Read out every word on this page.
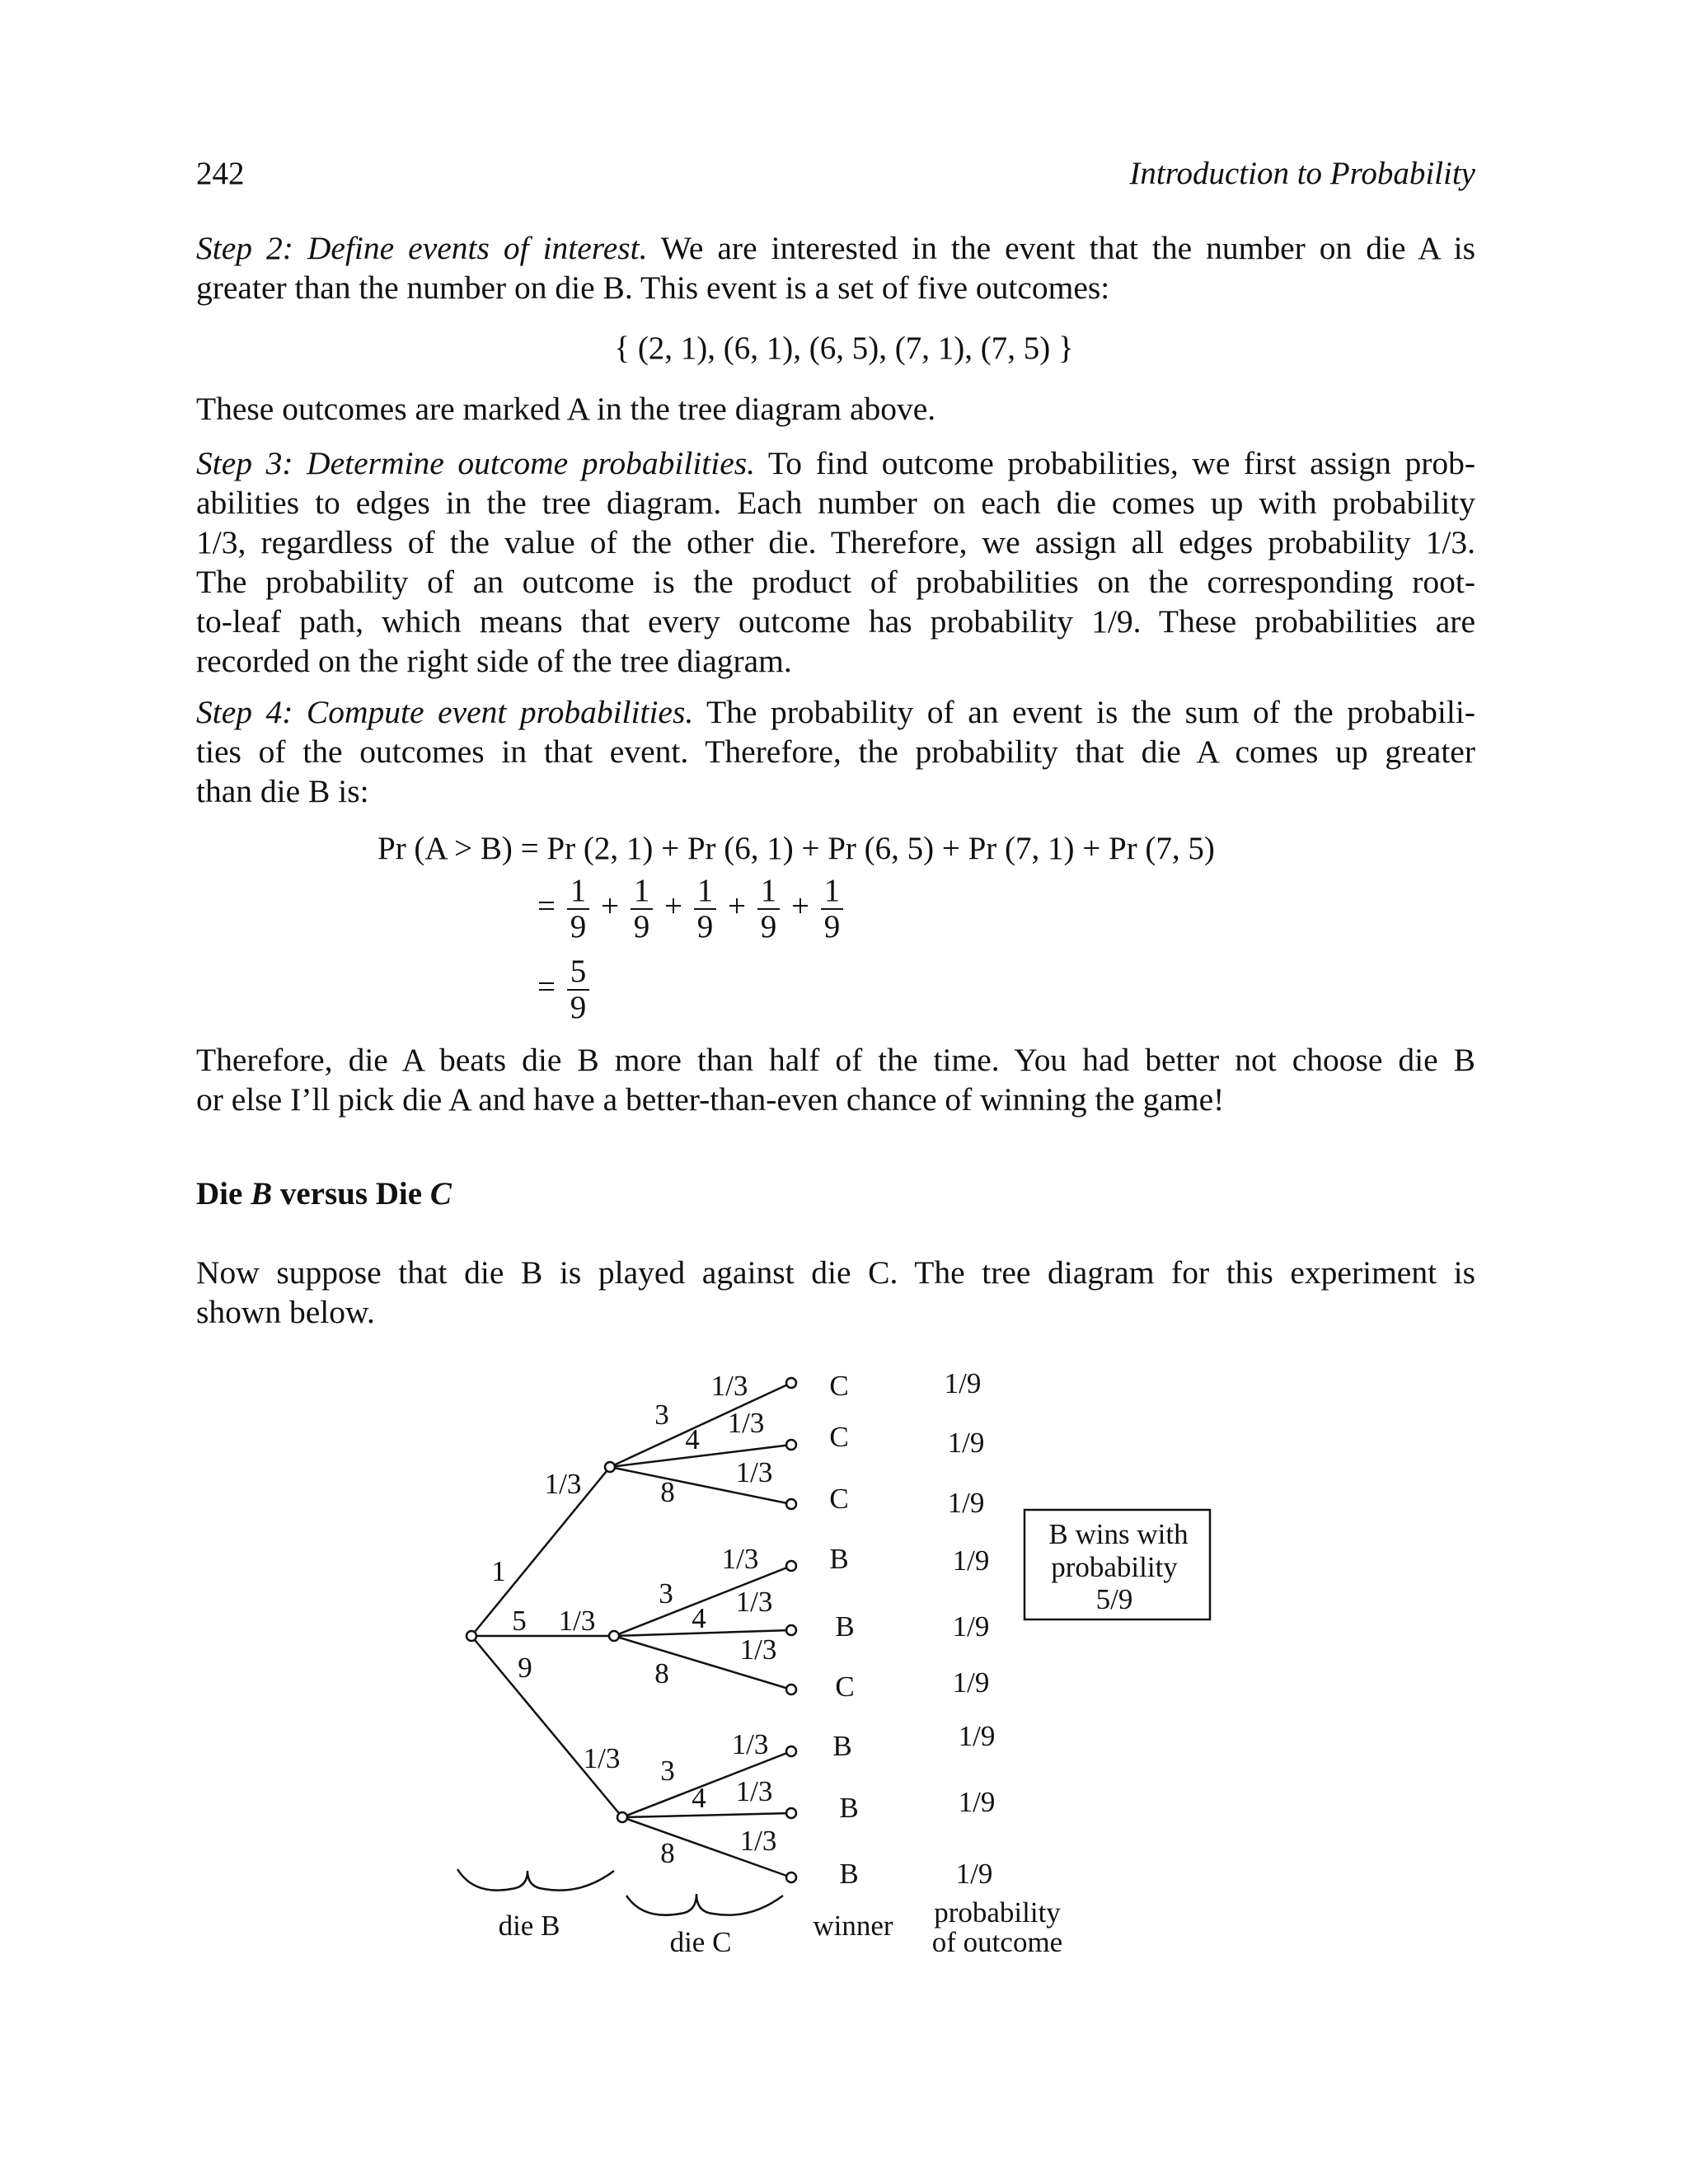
242	Introduction to Probability
Step 2: Define events of interest. We are interested in the event that the number on die A is
greater than the number on die B. This event is a set of five outcomes:
{ (2, 1), (6, 1), (6, 5), (7, 1), (7, 5) }
These outcomes are marked A in the tree diagram above.
Step 3: Determine outcome probabilities. To find outcome probabilities, we first assign prob-
abilities to edges in the tree diagram. Each number on each die comes up with probability
1/3, regardless of the value of the other die. Therefore, we assign all edges probability 1/3.
The probability of an outcome is the product of probabilities on the corresponding root-
to-leaf path, which means that every outcome has probability 1/9. These probabilities are
recorded on the right side of the tree diagram.
Step 4: Compute event probabilities. The probability of an event is the sum of the probabili-
ties of the outcomes in that event. Therefore, the probability that die A comes up greater
than die B is:
Pr (A > B) = Pr (2, 1) + Pr (6, 1) + Pr (6, 5) + Pr (7, 1) + Pr (7, 5)
= $\frac{1}{9} + \frac{1}{9} + \frac{1}{9} + \frac{1}{9} + \frac{1}{9}$
= $\frac{5}{9}$
Therefore, die A beats die B more than half of the time. You had better not choose die B
or else I’ll pick die A and have a better-than-even chance of winning the game!
Die B versus Die C
Now suppose that die B is played against die C. The tree diagram for this experiment is
shown below.
1
5
9
1/3
1/3
1/3
3
4
8
3
4
8
3
4
8
1/3
1/3
1/3
1/3
1/3
1/3
1/3
1/3
1/3
C	1/9
C	1/9
C	1/9
B	1/9
B	1/9
C	1/9
B	1/9
B	1/9
B	1/9
B wins with
probability
5/9
die B
die C
winner probability
of outcome
